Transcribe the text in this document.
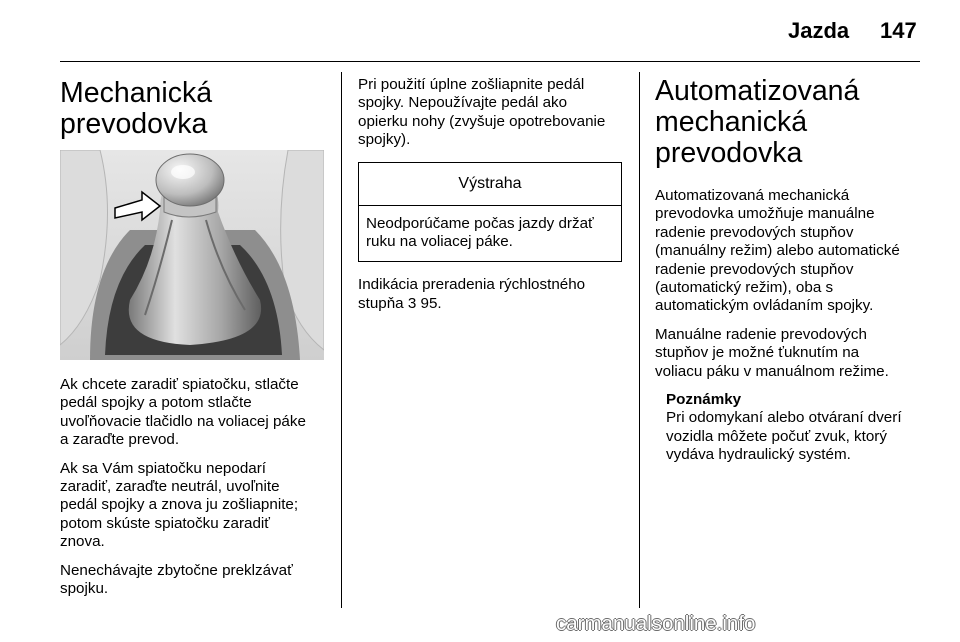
Jazda 147
Mechanická
prevodovka

Ak chcete zaradiť spiatočku, stlačte
pedál spojky a potom stlačte
uvoľňovacie tlačidlo na voliacej páke
a zaraďte prevod.

Ak sa Vám spiatočku nepodarí
zaradiť, zaraďte neutrál, uvoľnite
pedál spojky a znova ju zošliapnite;
potom skúste spiatočku zaradiť
znova.

Nenechávajte zbytočne preklzávať
spojku.

Pri použití úplne zošliapnite pedál
spojky. Nepoužívajte pedál ako
opierku nohy (zvyšuje opotrebovanie
spojky).

Výstraha
Neodporúčame počas jazdy držať
ruku na voliacej páke.

Indikácia preradenia rýchlostného
stupňa 3 95.

Automatizovaná
mechanická
prevodovka

Automatizovaná mechanická
prevodovka umožňuje manuálne
radenie prevodových stupňov
(manuálny režim) alebo automatické
radenie prevodových stupňov
(automatický režim), oba s
automatickým ovládaním spojky.

Manuálne radenie prevodových
stupňov je možné ťuknutím na
voliacu páku v manuálnom režime.

Poznámky
Pri odomykaní alebo otváraní dverí
vozidla môžete počuť zvuk, ktorý
vydáva hydraulický systém.
carmanualsonline.info
